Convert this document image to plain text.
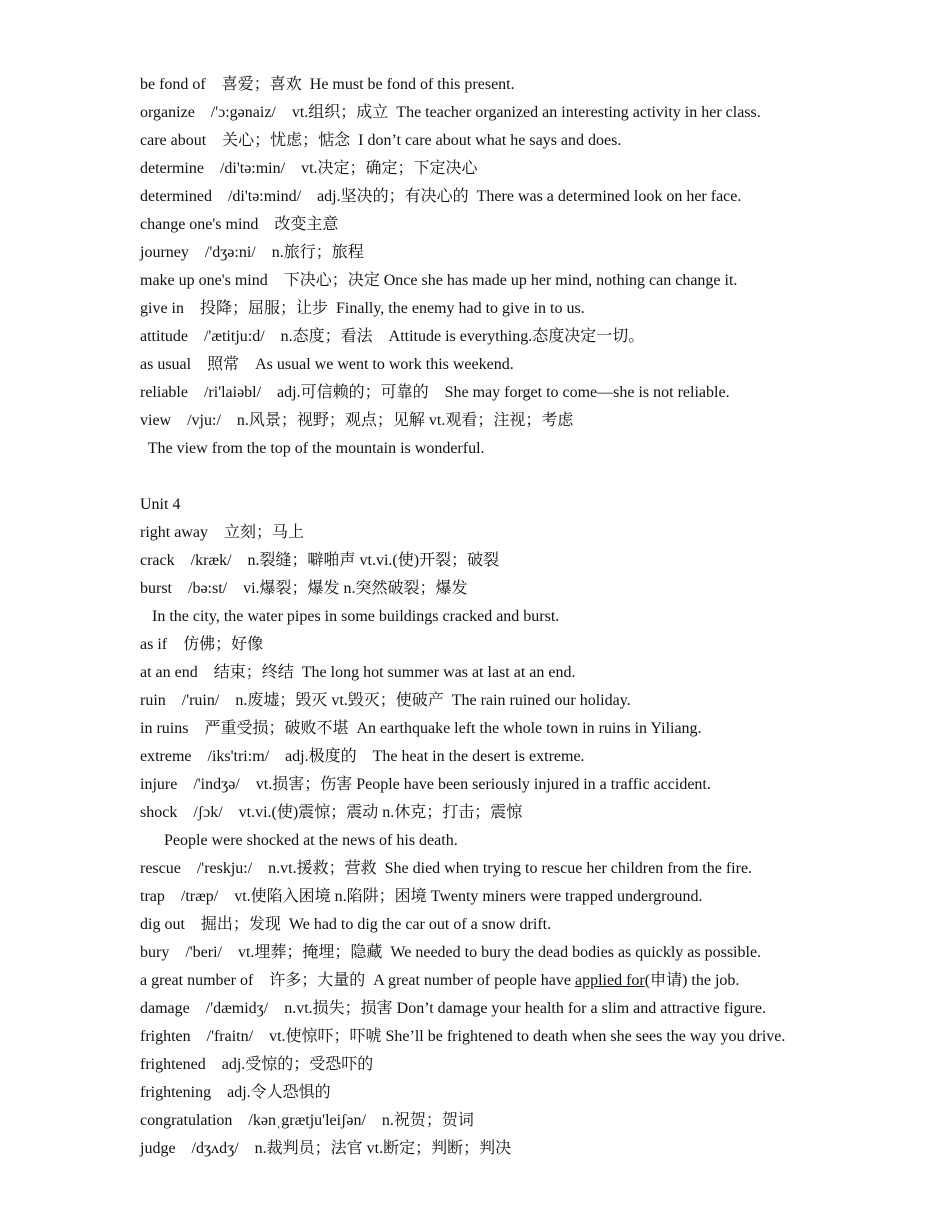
be fond of　喜爱；喜欢  He must be fond of this present.
organize　/'ɔ:gənaiz/　vt.组织；成立  The teacher organized an interesting activity in her class.
care about　关心；忧虑；惦念  I don’t care about what he says and does.
determine　/di'tə:min/　vt.决定；确定；下定决心
determined　/di'tə:mind/　adj.坚决的；有决心的  There was a determined look on her face.
change one's mind　改变主意
journey　/'dʒə:ni/　n.旅行；旅程
make up one's mind　下决心；决定 Once she has made up her mind, nothing can change it.
give in　投降；屈服；让步  Finally, the enemy had to give in to us.
attitude　/'ætitju:d/　n.态度；看法　Attitude is everything.态度决定一切。
as usual　照常　As usual we went to work this weekend.
reliable　/ri'laiəbl/　adj.可信赖的；可靠的　She may forget to come—she is not reliable.
view　/vju:/　n.风景；视野；观点；见解 vt.观看；注视；考虑
The view from the top of the mountain is wonderful.
Unit 4
right away　立刻；马上
crack　/kræk/　n.裂缝；噼啪声 vt.vi.(使)开裂；破裂
burst　/bə:st/　vi.爆裂；爆发 n.突然破裂；爆发
In the city, the water pipes in some buildings cracked and burst.
as if　仿佛；好像
at an end　结束；终结  The long hot summer was at last at an end.
ruin　/'ruin/　n.废墟；毁灭 vt.毁灭；使破产  The rain ruined our holiday.
in ruins　严重受损；破败不堪  An earthquake left the whole town in ruins in Yiliang.
extreme　/iks'tri:m/　adj.极度的　The heat in the desert is extreme.
injure　/'indʒə/　vt.损害；伤害 People have been seriously injured in a traffic accident.
shock　/ʃɔk/　vt.vi.(使)震惊；震动 n.休克；打击；震惊
People were shocked at the news of his death.
rescue　/'reskju:/　n.vt.援救；营救  She died when trying to rescue her children from the fire.
trap　/træp/　vt.使陷入困境 n.陷阱；困境 Twenty miners were trapped underground.
dig out　掘出；发现  We had to dig the car out of a snow drift.
bury　/'beri/　vt.埋葬；掩埋；隐藏  We needed to bury the dead bodies as quickly as possible.
a great number of　许多；大量的  A great number of people have applied for(申请) the job.
damage　/'dæmidʒ/　n.vt.损失；损害 Don’t damage your health for a slim and attractive figure.
frighten　/'fraitn/　vt.使惊吓；吓唬 She’ll be frightened to death when she sees the way you drive.
frightened　adj.受惊的；受恐吓的
frightening　adj.令人恐惧的
congratulation　/kənˌgrætju'leiʃən/　n.祝贺；贺词
judge　/dʒʌdʒ/　n.裁判员；法官 vt.断定；判断；判决
